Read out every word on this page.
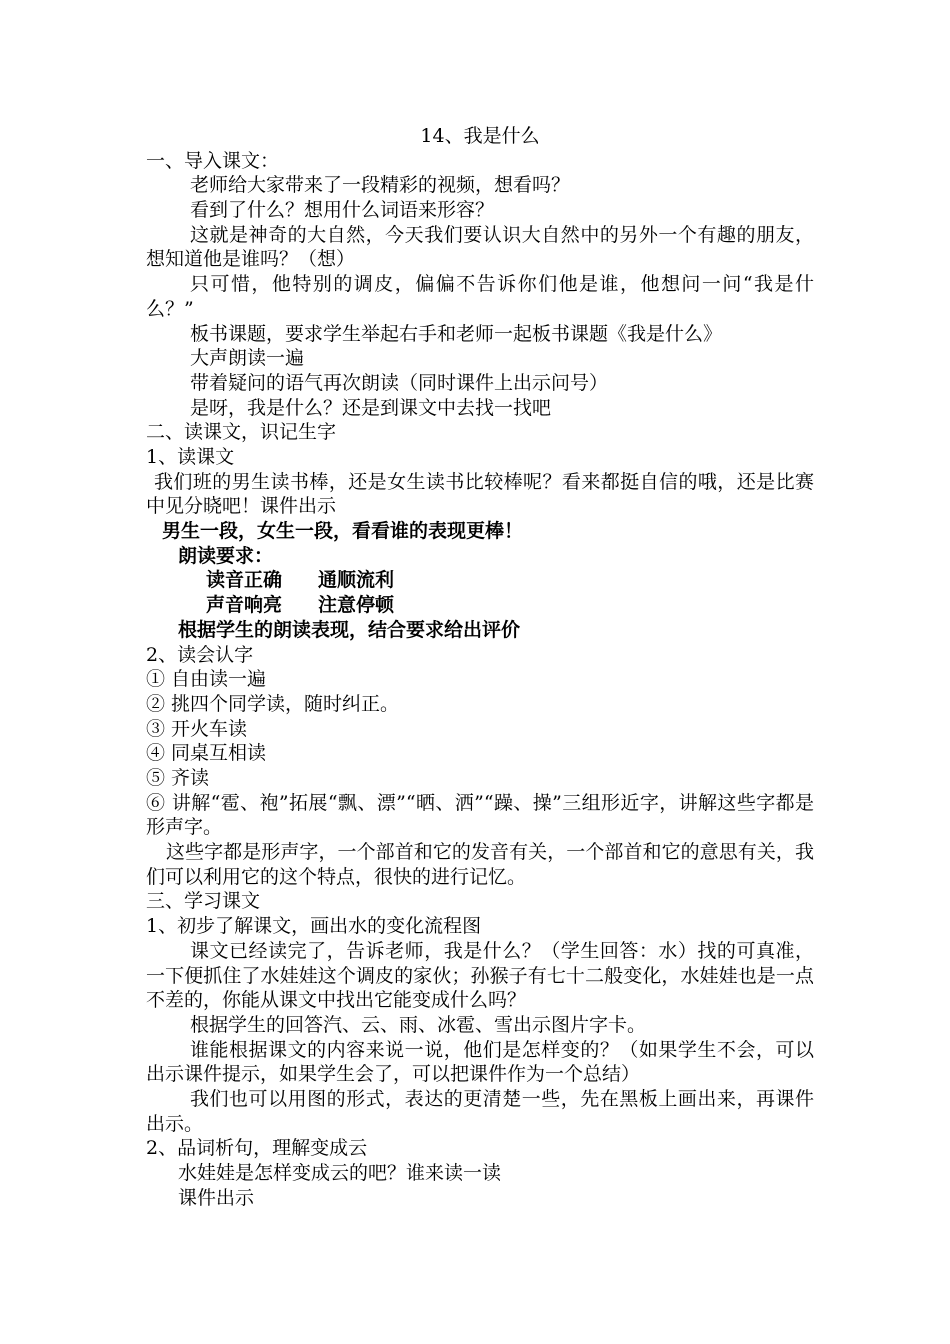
14、我是什么
一、导入课文：
老师给大家带来了一段精彩的视频，想看吗？
看到了什么？想用什么词语来形容？
这就是神奇的大自然，今天我们要认识大自然中的另外一个有趣的朋友，想知道他是谁吗？（想）
只可惜，他特别的调皮，偏偏不告诉你们他是谁，他想问一问“我是什么？”
板书课题，要求学生举起右手和老师一起板书课题《我是什么》
大声朗读一遍
带着疑问的语气再次朗读（同时课件上出示问号）
是呀，我是什么？还是到课文中去找一找吧
二、读课文，识记生字
1、读课文
我们班的男生读书棒，还是女生读书比较棒呢？看来都挺自信的哦，还是比赛中见分晓吧！课件出示
男生一段，女生一段，看看谁的表现更棒！
朗读要求：
读音正确 通顺流利
声音响亮 注意停顿
根据学生的朗读表现，结合要求给出评价
2、读会认字
① 自由读一遍
② 挑四个同学读，随时纠正。
③ 开火车读
④ 同桌互相读
⑤ 齐读
⑥ 讲解“雹、袍”拓展“飘、漂”“晒、洒”“躁、操”三组形近字，讲解这些字都是形声字。
这些字都是形声字，一个部首和它的发音有关，一个部首和它的意思有关，我们可以利用它的这个特点，很快的进行记忆。
三、学习课文
1、初步了解课文，画出水的变化流程图
课文已经读完了，告诉老师，我是什么？（学生回答：水）找的可真准，一下便抓住了水娃娃这个调皮的家伙；孙猴子有七十二般变化，水娃娃也是一点不差的，你能从课文中找出它能变成什么吗？
根据学生的回答汽、云、雨、冰雹、雪出示图片字卡。
谁能根据课文的内容来说一说，他们是怎样变的？（如果学生不会，可以出示课件提示，如果学生会了，可以把课件作为一个总结）
我们也可以用图的形式，表达的更清楚一些，先在黑板上画出来，再课件出示。
2、品词析句，理解变成云
水娃娃是怎样变成云的吧？谁来读一读
课件出示
